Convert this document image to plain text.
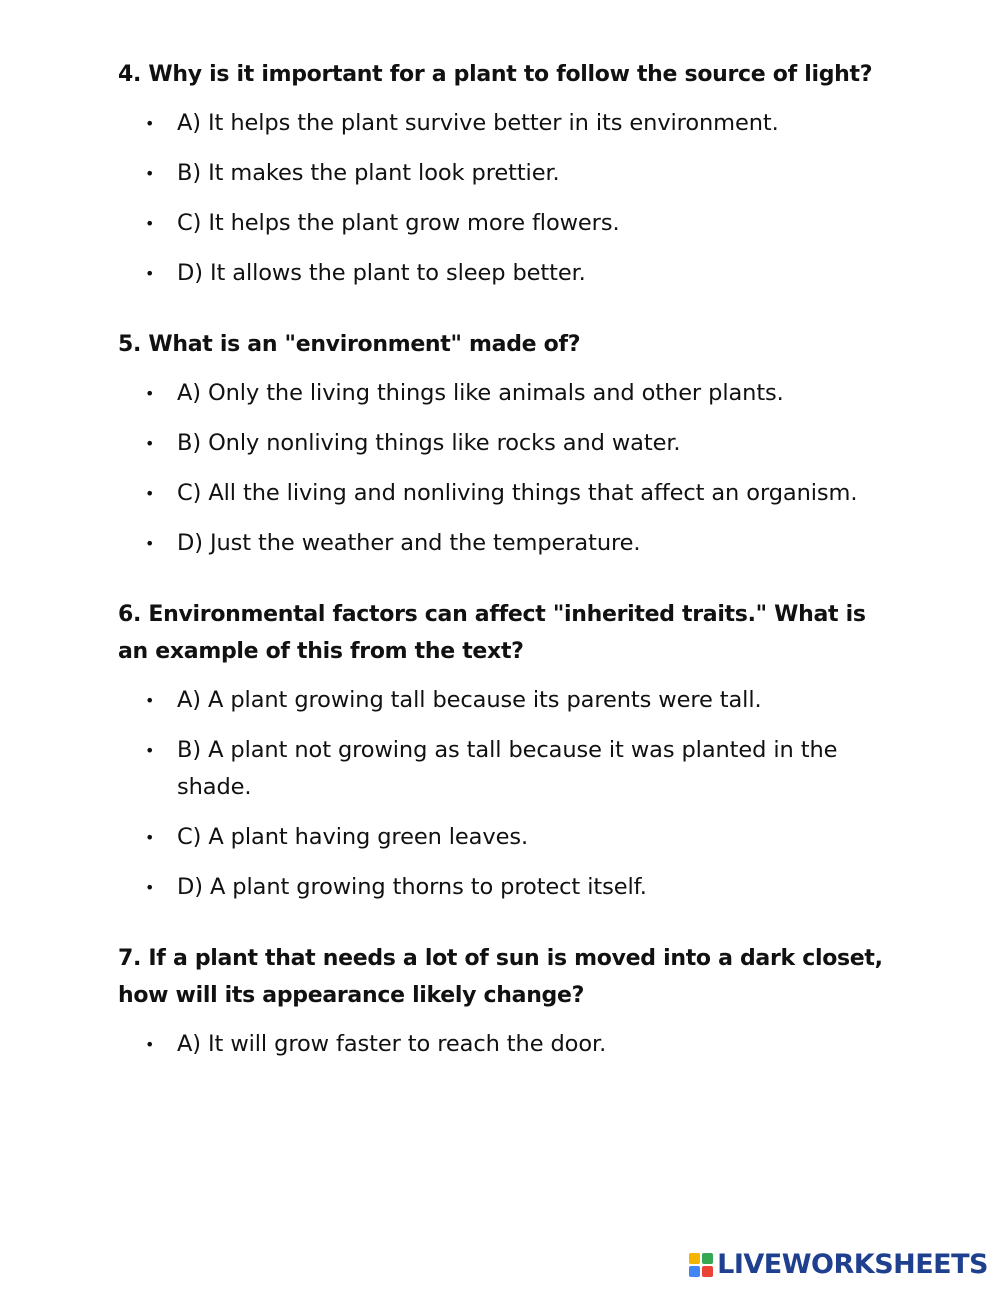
4. Why is it important for a plant to follow the source of light?

• A) It helps the plant survive better in its environment.
• B) It makes the plant look prettier.
• C) It helps the plant grow more flowers.
• D) It allows the plant to sleep better.

5. What is an "environment" made of?

• A) Only the living things like animals and other plants.
• B) Only nonliving things like rocks and water.
• C) All the living and nonliving things that affect an organism.
• D) Just the weather and the temperature.

6. Environmental factors can affect "inherited traits." What is an example of this from the text?

• A) A plant growing tall because its parents were tall.
• B) A plant not growing as tall because it was planted in the shade.
• C) A plant having green leaves.
• D) A plant growing thorns to protect itself.

7. If a plant that needs a lot of sun is moved into a dark closet, how will its appearance likely change?

• A) It will grow faster to reach the door.
LIVEWORKSHEETS
